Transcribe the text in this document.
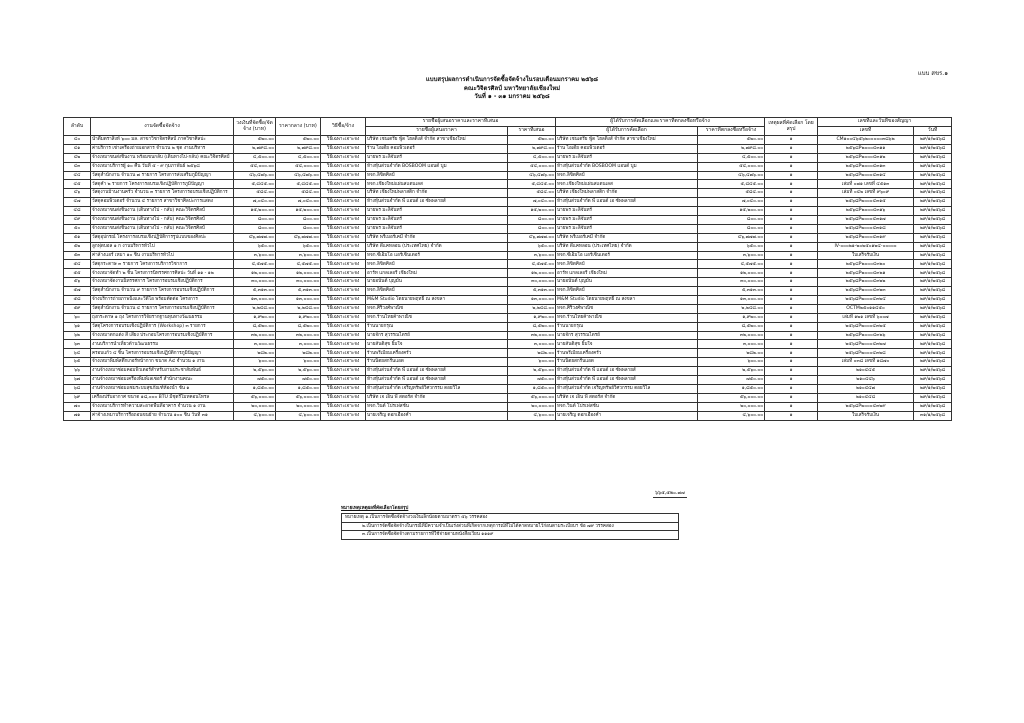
แบบ สขร.๑
แบบสรุปผลการดำเนินการจัดซื้อจัดจ้างในรอบเดือนมกราคม ๒๕๖๘
คณะวิจิตรศิลป์ มหาวิทยาลัยเชียงใหม่
วันที่ ๑ - ๓๑ มกราคม ๒๕๖๘
ลำดับ	งานจัดซื้อจัดจ้าง	วงเงินที่จัดซื้อ/จัดจ้าง (บาท)	ราคากลาง (บาท)	วิธีซื้อ/จ้าง	รายชื่อผู้เสนอราคาและราคาที่เสนอ		ผู้ได้รับการคัดเลือกและราคาที่ตกลงซื้อหรือจ้าง		เหตุผลที่คัดเลือก โดยสรุป	เลขที่และวันที่ของสัญญา	
					รายชื่อผู้เสนอราคา	ราคาที่เสนอ	ผู้ได้รับการคัดเลือก	ราคาที่ตกลงซื้อหรือจ้าง		เลขที่	วันที่
๔๐	น้ำดื่มตราสิงห์ ๖๐๐ มล. สาขาวิชาจิตรศิลป์ ภาควิชาศิลปะ	๕๒๐.๐๐	๕๒๐.๐๐	วิธีเฉพาะเจาะจง	บริษัท เชนเตรีย ฟู้ด โฮลดิ้งส์ จำกัด สาขาเชียงใหม่	๕๒๐.๐๐	บริษัท เชนเตรีย ฟู้ด โฮลดิ้งส์ จำกัด สาขาเชียงใหม่	๕๒๐.๐๐	๑	CM๑๐๐๔๖๕๖๒๐๐๐๐๐๓๘๖๒	๒๙/๑/๒๕๖๘
๔๑	ค่าบริการ เช่าเครื่องถ่ายเอกสาร จำนวน ๒ ชุด งานบริหาร	๒,๗๙๘.๐๐	๒,๗๙๘.๐๐	วิธีเฉพาะเจาะจง	ร้าน ไอเดีย คอมพิวเตอร์	๒,๗๙๘.๐๐	ร้าน ไอเดีย คอมพิวเตอร์	๒,๗๙๘.๐๐	๑	๒๕๖๘P๒๐๐๐๔๓๑๑	๒๙/๑/๒๕๖๘
๔๒	จ้างเหมาขนส่งชิ้นงาน พร้อมขนกลับ (เดินทางไป-กลับ) คณะวิจิตรศิลป์	๔,๕๐๐.๐๐	๔,๕๐๐.๐๐	วิธีเฉพาะเจาะจง	นายพร มะลิจันทร์	๔,๕๐๐.๐๐	นายพร มะลิจันทร์	๔,๕๐๐.๐๐	๑	๒๕๖๘P๒๐๐๐๔๓๑๒	๒๙/๑/๒๕๖๘
๔๓	จ้างเหมาบริการผู้ ๑๐ คืน วันที่ ๕ - ๙ กุมภาพันธ์ ๒๕๖๘	๕๔,๐๐๐.๐๐	๕๔,๐๐๐.๐๐	วิธีเฉพาะเจาะจง	ห้างหุ้นส่วนจำกัด BOSBOOM แอนด์ บูม	๕๔,๐๐๐.๐๐	ห้างหุ้นส่วนจำกัด BOSBOOM แอนด์ บูม	๕๔,๐๐๐.๐๐	๑	๒๕๖๘P๒๐๐๐๔๓๑๓	๒๙/๑/๒๕๖๘
๔๔	วัสดุสำนักงาน จำนวน ๗ รายการ โครงการส่งเสริมภูมิปัญญา	๔๖,๔๗๖.๐๐	๔๖,๔๗๖.๐๐	วิธีเฉพาะเจาะจง	หจก.ลิขิตศิลป์	๔๖,๔๗๖.๐๐	หจก.ลิขิตศิลป์	๔๖,๔๗๖.๐๐	๑	๒๕๖๘P๒๐๐๐๔๓๑๔	๒๙/๑/๒๕๖๘
๔๕	วัสดุคำ ๒ รายการ โครงการอบรมเชิงปฏิบัติการภูมิปัญญา	๕,๘๔๕.๐๐	๕,๘๔๕.๐๐	วิธีเฉพาะเจาะจง	หจก.เชียงใหม่แผ่นสแตนเลส	๕,๘๔๕.๐๐	หจก.เชียงใหม่แผ่นสแตนเลส	๕,๘๔๕.๐๐	๑	เล่มที่ ๐๗๑ เลขที่ ๔๕๑๓	๒๙/๑/๒๕๖๘
๔๖	วัสดุงานบ้านงานครัว จำนวน ๓ รายการ โครงการอบรมเชิงปฏิบัติการ	๕๘๔.๐๐	๕๘๔.๐๐	วิธีเฉพาะเจาะจง	บริษัท เชียงใหม่พลาสติก จำกัด	๕๘๔.๐๐	บริษัท เชียงใหม่พลาสติก จำกัด	๕๘๔.๐๐	๑	เล่มที่ ๐๔๒ เลขที่ ๙๖๐๙	๒๙/๑/๒๕๖๘
๔๗	วัสดุคอมพิวเตอร์ จำนวน ๔ รายการ สาขาวิชาศิลปะการแสดง	๗,๐๔๐.๐๐	๗,๐๔๐.๐๐	วิธีเฉพาะเจาะจง	ห้างหุ้นส่วนจำกัด พี แอนด์ เอ ซัพพลายส์	๗,๐๔๐.๐๐	ห้างหุ้นส่วนจำกัด พี แอนด์ เอ ซัพพลายส์	๗,๐๔๐.๐๐	๑	๒๕๖๘P๒๐๐๐๔๓๑๕	๒๙/๑/๒๕๖๘
๔๘	จ้างเหมาขนส่งชิ้นงาน (เดินทางไป - กลับ) คณะวิจิตรศิลป์	๑๕,๒๐๐.๐๐	๑๕,๒๐๐.๐๐	วิธีเฉพาะเจาะจง	นายพร มะลิจันทร์	๑๕,๒๐๐.๐๐	นายพร มะลิจันทร์	๑๕,๒๐๐.๐๐	๑	๒๕๖๘P๒๐๐๐๔๓๑๖	๒๙/๑/๒๕๖๘
๔๙	จ้างเหมาขนส่งชิ้นงาน (เดินทางไป - กลับ) คณะวิจิตรศิลป์	๘๐๐.๐๐	๘๐๐.๐๐	วิธีเฉพาะเจาะจง	นายพร มะลิจันทร์	๘๐๐.๐๐	นายพร มะลิจันทร์	๘๐๐.๐๐	๑	๒๕๖๘P๒๐๐๐๔๓๑๗	๒๙/๑/๒๕๖๘
๕๐	จ้างเหมาขนส่งชิ้นงาน (เดินทางไป - กลับ) คณะวิจิตรศิลป์	๘๐๐.๐๐	๘๐๐.๐๐	วิธีเฉพาะเจาะจง	นายพร มะลิจันทร์	๘๐๐.๐๐	นายพร มะลิจันทร์	๘๐๐.๐๐	๑	๒๕๖๘P๒๐๐๐๔๓๑๘	๒๙/๑/๒๕๖๘
๕๑	วัสดุอุปกรณ์ โครงการอบรมเชิงปฏิบัติการรูปแบบของศิลปะ	๔๖,๗๗๗.๐๐	๔๖,๗๗๗.๐๐	วิธีเฉพาะเจาะจง	บริษัท พรีเมอร์เคมี จำกัด	๔๖,๗๗๗.๐๐	บริษัท พรีเมอร์เคมี จำกัด	๔๖,๗๗๗.๐๐	๑	๒๕๖๘P๒๐๐๐๔๓๑๙	๒๙/๑/๒๕๖๘
๕๒	ลูกฟุตบอล ๑ ก งานบริหารทั่วไป	๖๕๐.๐๐	๖๕๐.๐๐	วิธีเฉพาะเจาะจง	บริษัท ดีแคทลอน (ประเทศไทย) จำกัด	๖๕๐.๐๐	บริษัท ดีแคทลอน (ประเทศไทย) จำกัด	๖๕๐.๐๐	๑	IV-๐๐๐๒๑-๒๐๒๕๐๑๒๔-๐๐๐๐๐	๒๙/๑/๒๕๖๘
๕๓	ค่าล้างแอร์ เหมา ๑๐ ชิ้น งานบริหารทั่วไป	๓,๖๐๐.๐๐	๓,๖๐๐.๐๐	วิธีเฉพาะเจาะจง	หจก.ซีเอ็มโอ แอร์เซ็นเตอร์	๓,๖๐๐.๐๐	หจก.ซีเอ็มโอ แอร์เซ็นเตอร์	๓,๖๐๐.๐๐	๑	ใบเสร็จรับเงิน	๒๙/๑/๒๕๖๘
๕๔	วัสดุกระดาษ ๓ รายการ โครงการบริการวิชาการ	๔,๕๗๕.๐๐	๔,๕๗๕.๐๐	วิธีเฉพาะเจาะจง	หจก.ลิขิตศิลป์	๔,๕๗๕.๐๐	หจก.ลิขิตศิลป์	๔,๕๗๕.๐๐	๑	๒๕๖๘P๒๐๐๐๔๓๒๐	๒๙/๑/๒๕๖๘
๕๕	จ้างเหมาจัดทำ ๒ ชิ้น โครงการนิทรรศการศิลปะ วันที่ ๑๑ - ๑๒	๑๒,๐๐๐.๐๐	๑๒,๐๐๐.๐๐	วิธีเฉพาะเจาะจง	อาร์ท แกลเลอรี เชียงใหม่	๑๒,๐๐๐.๐๐	อาร์ท แกลเลอรี เชียงใหม่	๑๒,๐๐๐.๐๐	๑	๒๕๖๘P๒๐๐๐๔๓๒๑	๒๙/๑/๒๕๖๘
๕๖	จ้างเหมาจัดงานนิทรรศการ โครงการอบรมเชิงปฏิบัติการ	๓๐,๐๐๐.๐๐	๓๐,๐๐๐.๐๐	วิธีเฉพาะเจาะจง	นายอนันต์ บุญมั่น	๓๐,๐๐๐.๐๐	นายอนันต์ บุญมั่น	๓๐,๐๐๐.๐๐	๑	๒๕๖๘P๒๐๐๐๔๓๒๒	๒๙/๑/๒๕๖๘
๕๗	วัสดุสำนักงาน จำนวน ๙ รายการ โครงการอบรมเชิงปฏิบัติการ	๕,๓๑๓.๐๐	๕,๓๑๓.๐๐	วิธีเฉพาะเจาะจง	หจก.ลิขิตศิลป์	๕,๓๑๓.๐๐	หจก.ลิขิตศิลป์	๕,๓๑๓.๐๐	๑	๒๕๖๘P๒๐๐๐๔๓๒๓	๒๙/๑/๒๕๖๘
๕๘	จ้างบริการถ่ายภาพนิ่งและวีดีโอ พร้อมตัดต่อ โครงการ	๑๓,๐๐๐.๐๐	๑๓,๐๐๐.๐๐	วิธีเฉพาะเจาะจง	M&M Studio โดยนายพฤทธิ์ ณ สงขลา	๑๓,๐๐๐.๐๐	M&M Studio โดยนายพฤทธิ์ ณ สงขลา	๑๓,๐๐๐.๐๐	๑	๒๕๖๘P๒๐๐๐๔๓๒๔	๒๙/๑/๒๕๖๘
๕๙	วัสดุสำนักงาน จำนวน ๔ รายการ โครงการอบรมเชิงปฏิบัติการ	๒,๒๔๘.๐๐	๒,๒๔๘.๐๐	วิธีเฉพาะเจาะจง	หจก.ศิริวงศ์พาณิช	๒,๒๔๘.๐๐	หจก.ศิริวงศ์พาณิช	๒,๒๔๘.๐๐	๑	OCTM๒๕๐๑๑๔๕๐	๒๙/๑/๒๕๖๘
๖๐	ถุงกระดาษ ๑ ถุง โครงการวิจัยรากฐานทุนทางวัฒนธรรม	๑,๙๒๐.๐๐	๑,๙๒๐.๐๐	วิธีเฉพาะเจาะจง	หจก.ร้านไทยค้าพาณิช	๑,๙๒๐.๐๐	หจก.ร้านไทยค้าพาณิช	๑,๙๒๐.๐๐	๑	เล่มที่ ๑๒๑ เลขที่ ๖๐๐๗	๒๙/๑/๒๕๖๘
๖๑	วัสดุโครงการอบรมเชิงปฏิบัติการ (Workshop) ๓ รายการ	๘,๕๒๐.๐๐	๘,๕๒๐.๐๐	วิธีเฉพาะเจาะจง	ร้านนายกรุณ	๘,๕๒๐.๐๐	ร้านนายกรุณ	๘,๕๒๐.๐๐	๑	๒๕๖๘P๒๐๐๐๔๓๒๕	๒๙/๑/๒๕๖๘
๖๒	จ้างเหมาตกแต่ง สี เสียง ประกอบโครงการอบรมเชิงปฏิบัติการ	๓๒,๐๐๐.๐๐	๓๒,๐๐๐.๐๐	วิธีเฉพาะเจาะจง	นายจักร สุวรรณไตรย์	๓๒,๐๐๐.๐๐	นายจักร สุวรรณไตรย์	๓๒,๐๐๐.๐๐	๑	๒๕๖๘P๒๐๐๐๔๓๒๖	๒๙/๑/๒๕๖๘
๖๓	งานบริการนำเที่ยวด้านวัฒนธรรม	๓,๐๐๐.๐๐	๓,๐๐๐.๐๐	วิธีเฉพาะเจาะจง	นายสันติสุข ยิ้มใจ	๓,๐๐๐.๐๐	นายสันติสุข ยิ้มใจ	๓,๐๐๐.๐๐	๑	๒๕๖๘P๒๐๐๐๔๓๒๗	๒๙/๑/๒๕๖๘
๖๔	ครอบแก้ว ๔ ชิ้น โครงการอบรมเชิงปฏิบัติการภูมิปัญญา	๒๘๒.๐๐	๒๘๒.๐๐	วิธีเฉพาะเจาะจง	ร้านพรีเมียมเครื่องครัว	๒๘๒.๐๐	ร้านพรีเมียมเครื่องครัว	๒๘๒.๐๐	๑	๒๕๖๘P๒๐๐๐๔๓๒๘	๒๙/๑/๒๕๖๘
๖๕	จ้างเหมาพิมพ์สติ๊กเกอร์หน้ากาก ขนาด A๔ จำนวน ๑ งาน	๖๐๐.๐๐	๖๐๐.๐๐	วิธีเฉพาะเจาะจง	ร้านนิตยสกรีนแอด	๖๐๐.๐๐	ร้านนิตยสกรีนแอด	๖๐๐.๐๐	๑	เล่มที่ ๐๓๘ เลขที่ ๑๘๗๐	๒๙/๑/๒๕๖๘
๖๖	งานจ้างเหมาซ่อมคอมพิวเตอร์สำหรับงานประชาสัมพันธ์	๒,๕๖๐.๐๐	๒,๕๖๐.๐๐	วิธีเฉพาะเจาะจง	ห้างหุ้นส่วนจำกัด พี แอนด์ เอ ซัพพลายส์	๒,๕๖๐.๐๐	ห้างหุ้นส่วนจำกัด พี แอนด์ เอ ซัพพลายส์	๒,๕๖๐.๐๐	๑	๒๑๐๔๔๕	๒๙/๑/๒๕๖๘
๖๗	งานจ้างเหมาซ่อมเครื่องพิมพ์เลเซอร์ สำนักงานคณะ	๗๕๐.๐๐	๗๕๐.๐๐	วิธีเฉพาะเจาะจง	ห้างหุ้นส่วนจำกัด พี แอนด์ เอ ซัพพลายส์	๗๕๐.๐๐	ห้างหุ้นส่วนจำกัด พี แอนด์ เอ ซัพพลายส์	๗๕๐.๐๐	๑	๒๑๐๔๔๖	๒๙/๑/๒๕๖๘
๖๘	งานจ้างเหมาซ่อมแซมระบบสุขภัณฑ์ห้องน้ำ ชั้น ๑	๑,๘๕๐.๐๐	๑,๘๕๐.๐๐	วิธีเฉพาะเจาะจง	ห้างหุ้นส่วนจำกัด เจริญทรัพย์วิศวกรรม ดอยวิไล	๑,๘๕๐.๐๐	ห้างหุ้นส่วนจำกัด เจริญทรัพย์วิศวกรรม ดอยวิไล	๑,๘๕๐.๐๐	๑	๒๑๐๔๔๗	๒๙/๑/๒๕๖๘
๖๙	เครื่องปรับอากาศ ขนาด ๑๘,๐๐๐ BTU มีชุดรีโมทคอนโทรล	๕๖,๐๐๐.๐๐	๕๖,๐๐๐.๐๐	วิธีเฉพาะเจาะจง	บริษัท เจ เอ็น พี สตอร์ส จำกัด	๕๖,๐๐๐.๐๐	บริษัท เจ เอ็น พี สตอร์ส จำกัด	๕๖,๐๐๐.๐๐	๑	๒๑๐๔๔๘	๒๙/๑/๒๕๖๘
๗๐	จ้างเหมาบริการทำความสะอาดพื้นที่อาคาร จำนวน ๑ งาน	๒๐,๐๐๐.๐๐	๒๐,๐๐๐.๐๐	วิธีเฉพาะเจาะจง	หจก.วินด์ โปรเฟสชั่น	๒๐,๐๐๐.๐๐	หจก.วินด์ โปรเฟสชั่น	๒๐,๐๐๐.๐๐	๑	๒๕๖๘P๒๐๐๐๔๓๒๙	๒๙/๑/๒๕๖๘
๗๑	ค่าจ้างเหมาบริการรื้อถอนขนย้าย จำนวน ๑๐๐ ชิ้น วันที่ ๓๑	๔,๖๐๐.๐๐	๔,๖๐๐.๐๐	วิธีเฉพาะเจาะจง	นายเจริญ ดอกเอื้องคำ	๔,๖๐๐.๐๐	นายเจริญ ดอกเอื้องคำ	๔,๖๐๐.๐๐	๑	ใบเสร็จรับเงิน	๓๑/๑/๒๕๖๘
๖๖๕,๕๒๐.๗๗
หมายเหตุเหตุผลที่คัดเลือกโดยสรุป
หมายเหตุ ๑.เป็นการจัดซื้อจัดจ้างวงเงินเล็กน้อยตามมาตรา ๕๖ วรรคสอง
๒.เป็นการจัดซื้อจัดจ้างในกรณีที่มีความจำเป็นเร่งด่วนที่เกิดจากเหตุการณ์ที่ไม่ได้คาดหมายไว้ก่อนตามระเบียบฯ ข้อ ๗๙ วรรคสอง
๓.เป็นการจัดซื้อจัดจ้างตามรายการที่ใช้จ่ายตามหนังสือเวียน ๑๑๑๙
